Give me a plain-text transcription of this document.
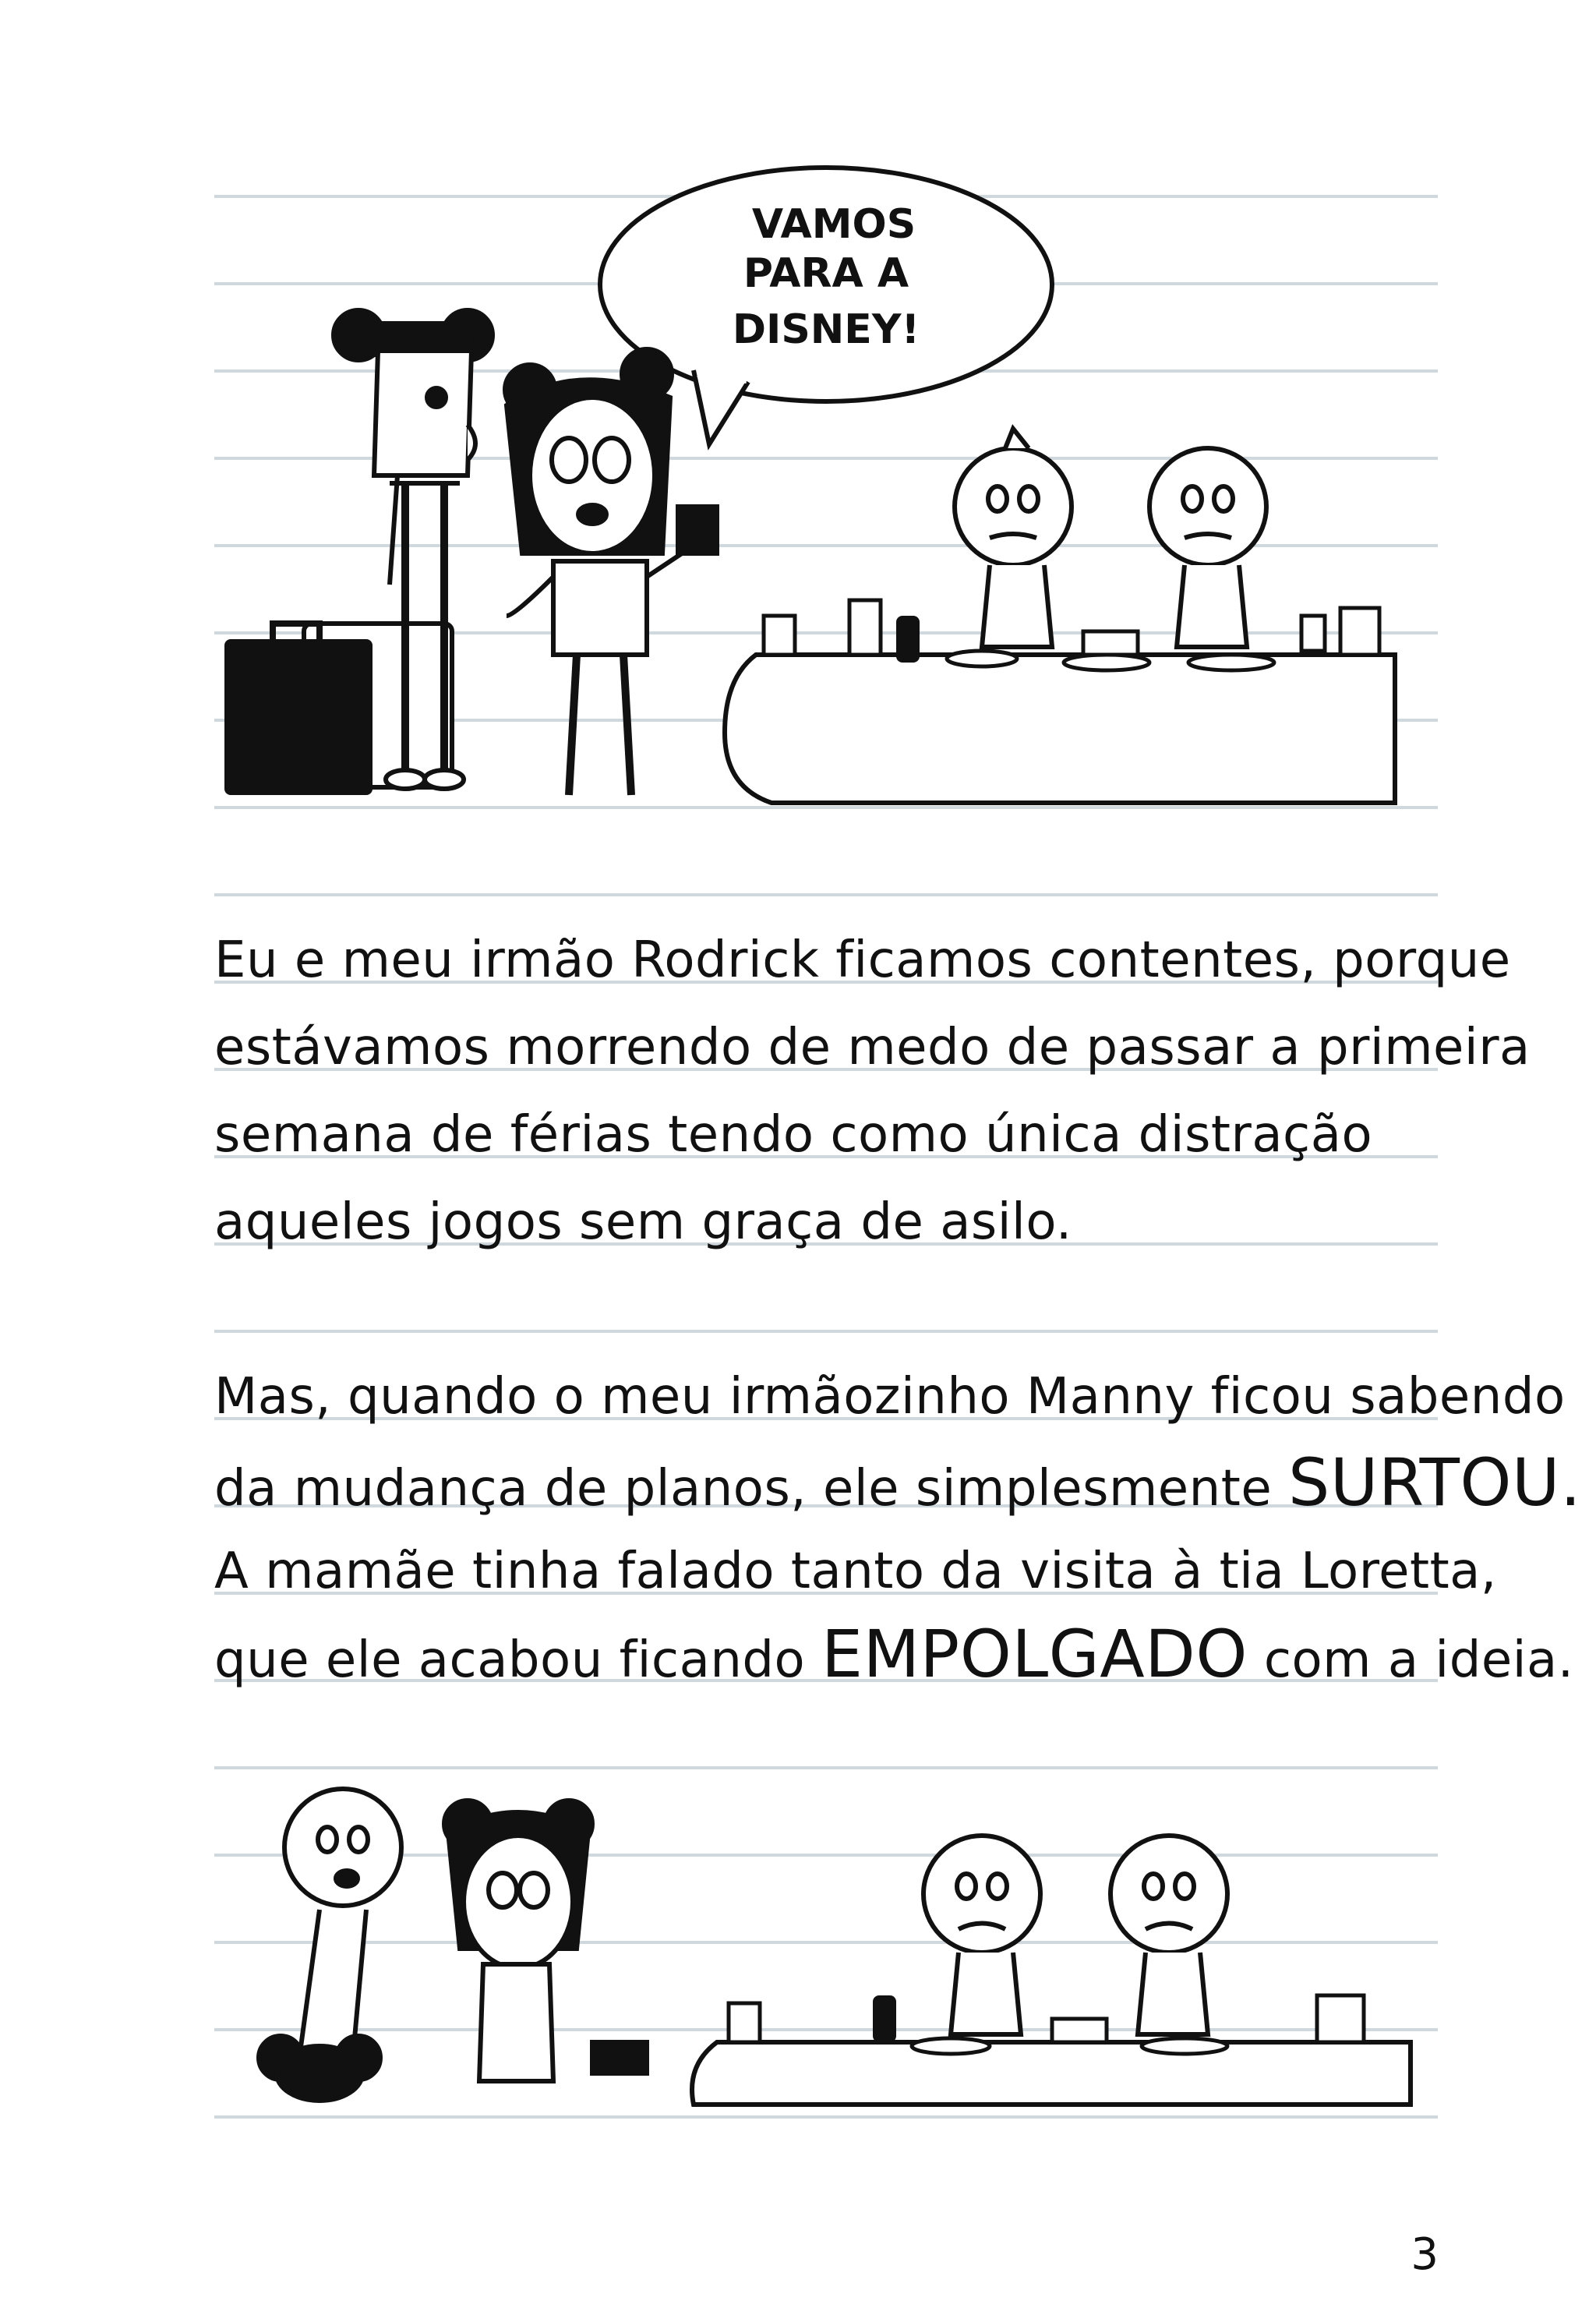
VAMOS
PARA A
DISNEY!
Eu e meu irmão Rodrick ficamos contentes, porque
estávamos morrendo de medo de passar a primeira
semana de férias tendo como única distração
aqueles jogos sem graça de asilo.
Mas, quando o meu irmãozinho Manny ficou sabendo
da mudança de planos, ele simplesmente SURTOU.
A mamãe tinha falado tanto da visita à tia Loretta,
que ele acabou ficando EMPOLGADO com a ideia.
3
